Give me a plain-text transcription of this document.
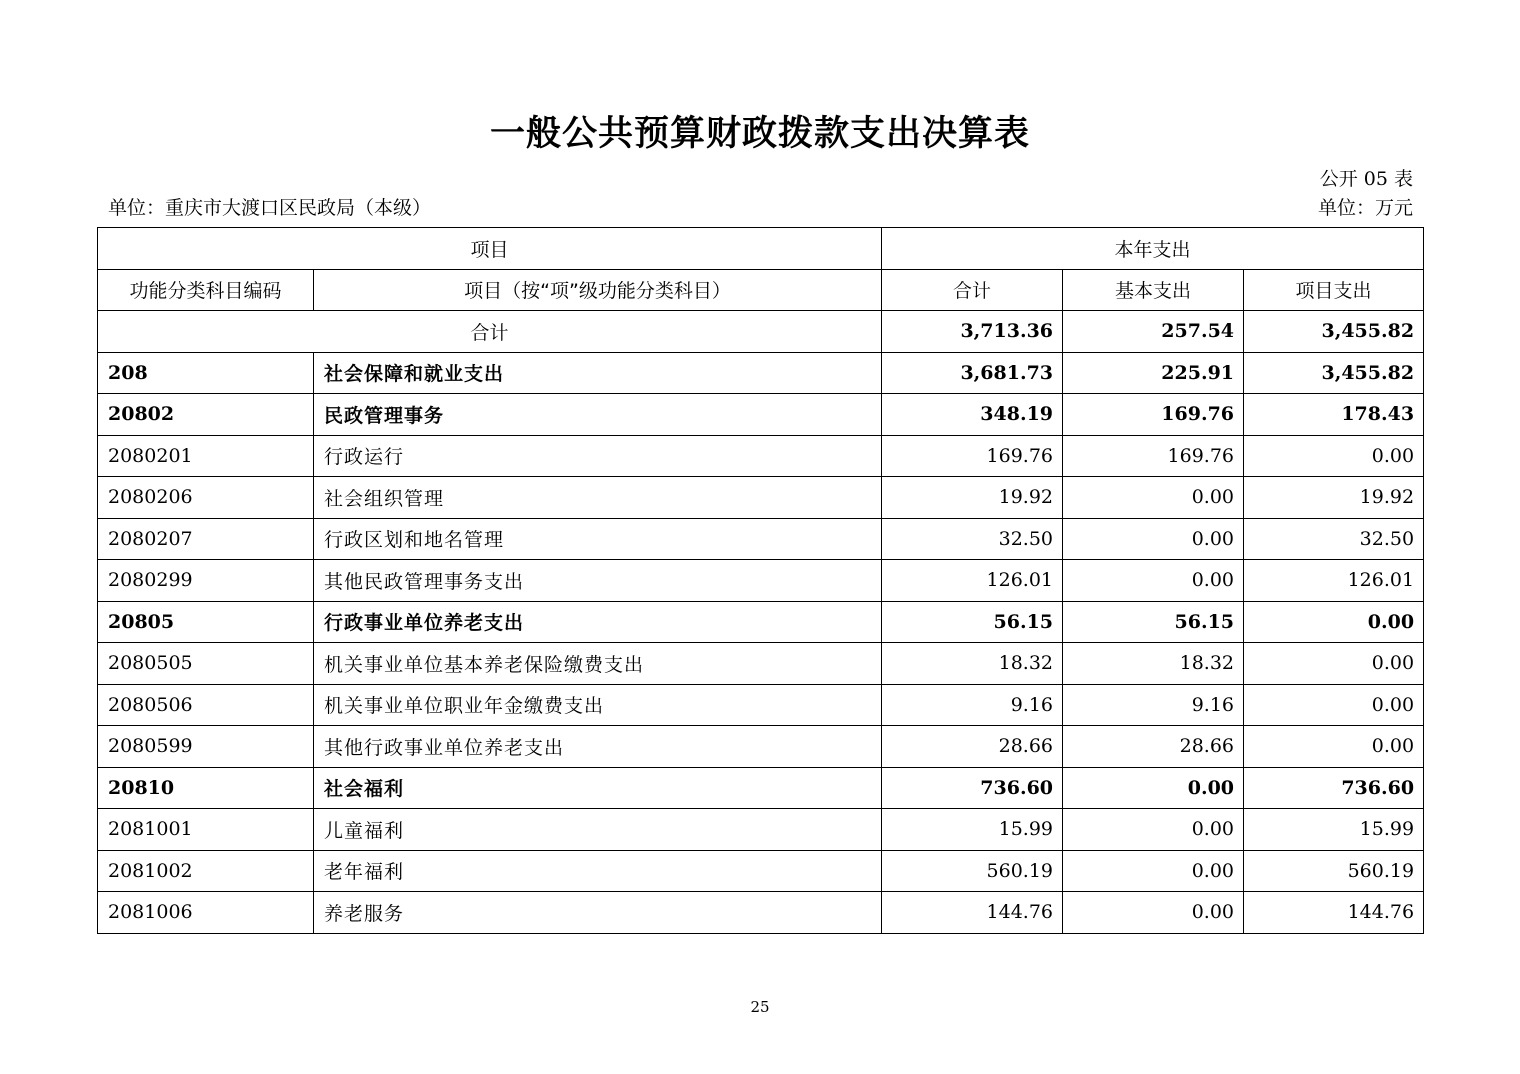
一般公共预算财政拨款支出决算表
公开 05 表
单位：重庆市大渡口区民政局（本级）	单位：万元
项目		本年支出		
功能分类科目编码	项目（按“项”级功能分类科目）	合计	基本支出	项目支出
合计		3,713.36	257.54	3,455.82
208	社会保障和就业支出	3,681.73	225.91	3,455.82
20802	民政管理事务	348.19	169.76	178.43
2080201	行政运行	169.76	169.76	0.00
2080206	社会组织管理	19.92	0.00	19.92
2080207	行政区划和地名管理	32.50	0.00	32.50
2080299	其他民政管理事务支出	126.01	0.00	126.01
20805	行政事业单位养老支出	56.15	56.15	0.00
2080505	机关事业单位基本养老保险缴费支出	18.32	18.32	0.00
2080506	机关事业单位职业年金缴费支出	9.16	9.16	0.00
2080599	其他行政事业单位养老支出	28.66	28.66	0.00
20810	社会福利	736.60	0.00	736.60
2081001	儿童福利	15.99	0.00	15.99
2081002	老年福利	560.19	0.00	560.19
2081006	养老服务	144.76	0.00	144.76
25
